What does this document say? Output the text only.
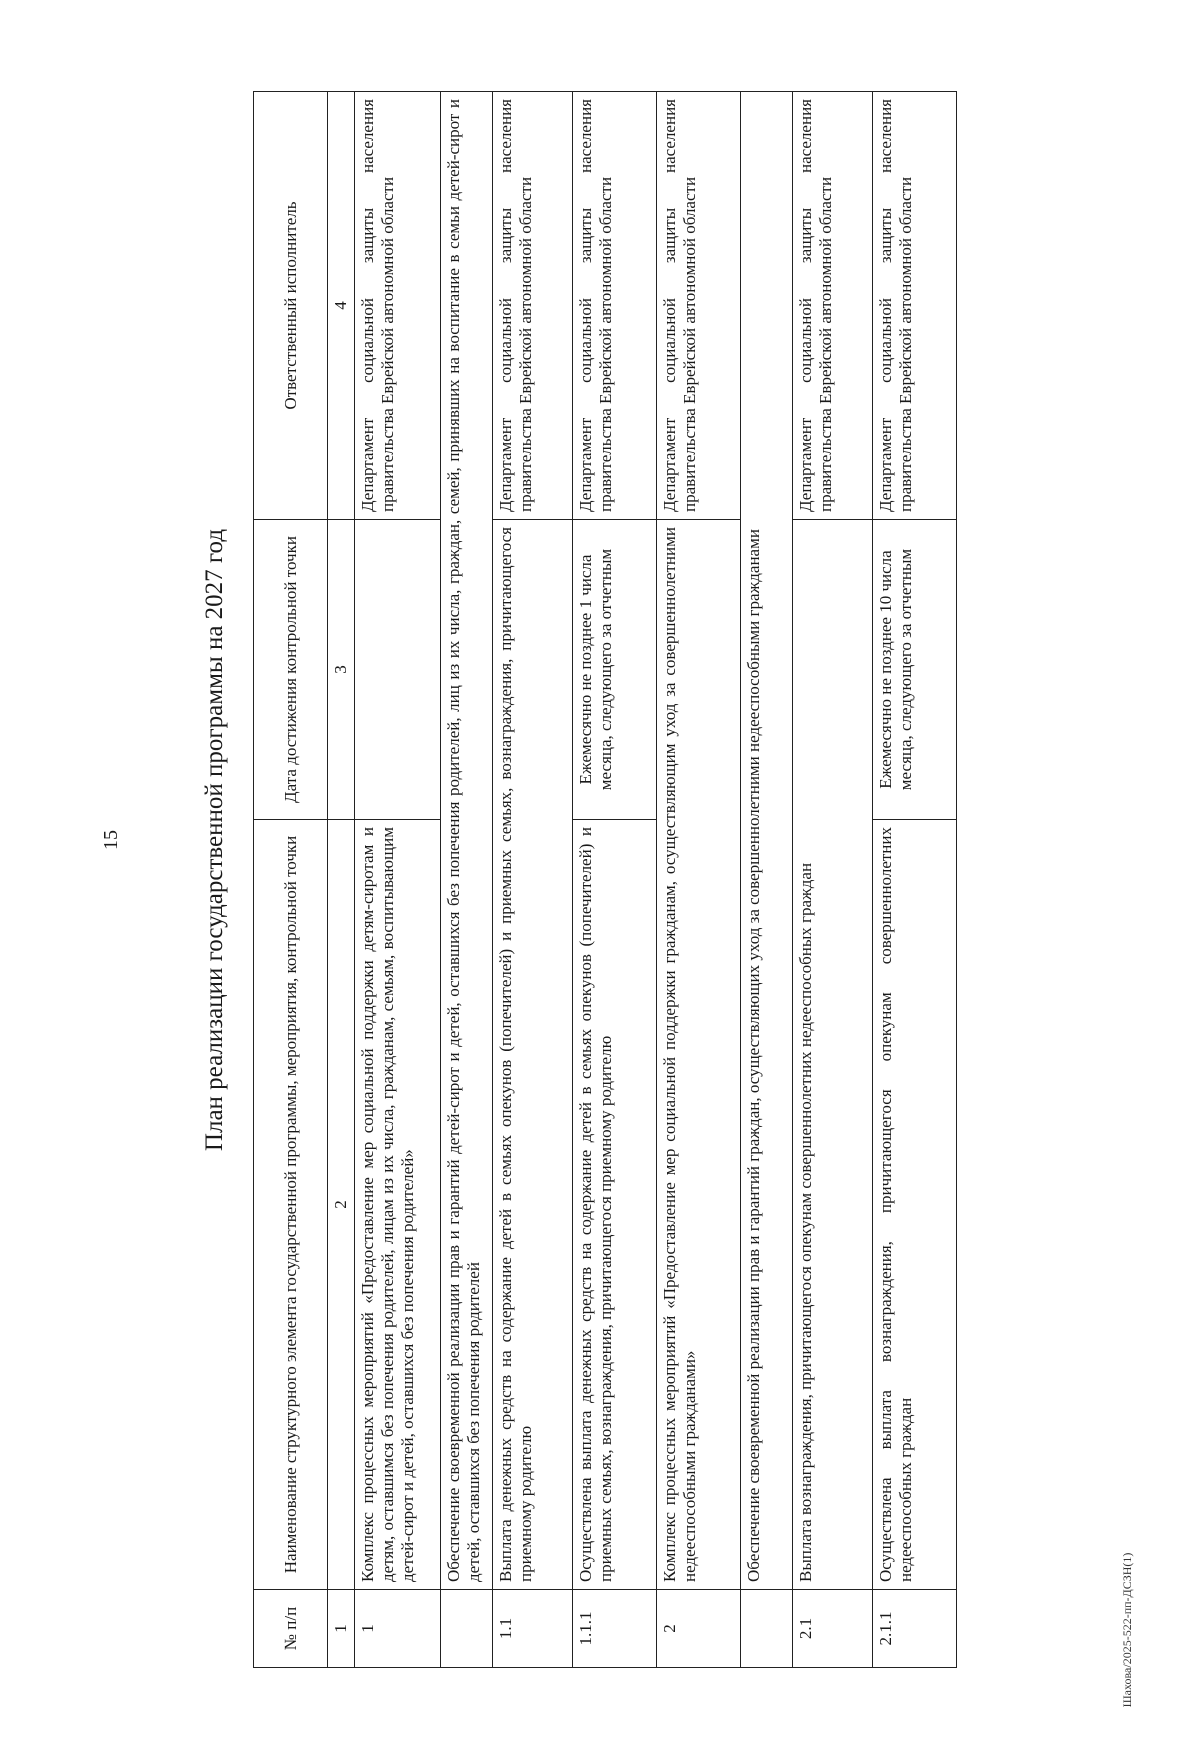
15	План реализации государственной программы на 2027 год
№ п/п	Наименование структурного элемента государственной программы, мероприятия, контрольной точки	Дата достижения контрольной точки	Ответственный исполнитель
1	2	3	4
1	Комплекс процессных мероприятий «Предоставление мер социальной поддержки детям-сиротам и детям, оставшимся без попечения родителей, лицам из их числа, гражданам, семьям, воспитывающим детей-сирот и детей, оставшихся без попечения родителей»		Департамент социальной защиты населения правительства Еврейской автономной области
	Обеспечение своевременной реализации прав и гарантий детей-сирот и детей, оставшихся без попечения родителей, лиц из их числа, граждан, семей, принявших на воспитание в семьи детей-сирот и детей, оставшихся без попечения родителей		
1.1	Выплата денежных средств на содержание детей в семьях опекунов (попечителей) и приемных семьях, вознаграждения, причитающегося приемному родителю		Департамент социальной защиты населения правительства Еврейской автономной области
1.1.1	Осуществлена выплата денежных средств на содержание детей в семьях опекунов (попечителей) и приемных семьях, вознаграждения, причитающегося приемному родителю	Ежемесячно не позднее 1 числа месяца, следующего за отчетным	Департамент социальной защиты населения правительства Еврейской автономной области
2	Комплекс процессных мероприятий «Предоставление мер социальной поддержки гражданам, осуществляющим уход за совершеннолетними недееспособными гражданами»		Департамент социальной защиты населения правительства Еврейской автономной области
	Обеспечение своевременной реализации прав и гарантий граждан, осуществляющих уход за совершеннолетними недееспособными гражданами		
2.1	Выплата вознаграждения, причитающегося опекунам совершеннолетних недееспособных граждан		Департамент социальной защиты населения правительства Еврейской автономной области
2.1.1	Осуществлена выплата вознаграждения, причитающегося опекунам совершеннолетних недееспособных граждан	Ежемесячно не позднее 10 числа месяца, следующего за отчетным	Департамент социальной защиты населения правительства Еврейской автономной области
Шахова/2025-522-пп-ДСЗН(1)
